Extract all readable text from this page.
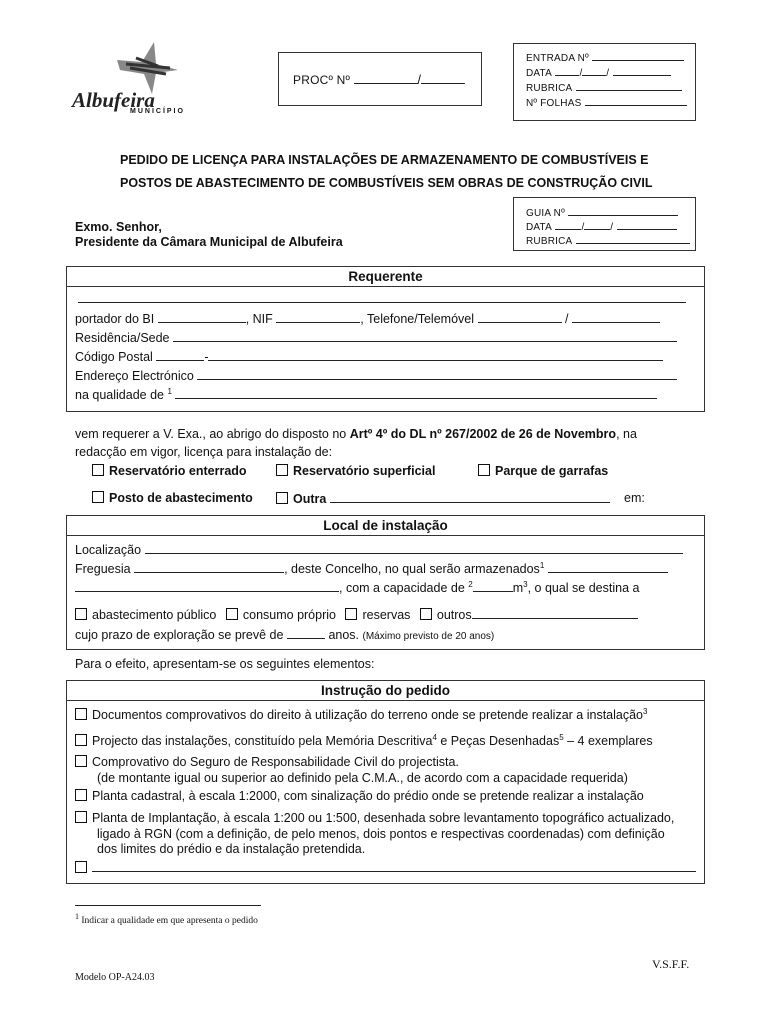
Albufeira
MUNICÍPIO
PROCº Nº	/
ENTRADA Nº
DATA	/ /
RUBRICA
Nº FOLHAS
PEDIDO DE LICENÇA PARA INSTALAÇÕES DE ARMAZENAMENTO DE COMBUSTÍVEIS E
POSTOS DE ABASTECIMENTO DE COMBUSTÍVEIS SEM OBRAS DE CONSTRUÇÃO CIVIL
GUIA Nº
DATA	/	/
RUBRICA
Exmo. Senhor,
Presidente da Câmara Municipal de Albufeira
Requerente
portador do BI	, NIF	, Telefone/Telemóvel	/
Residência/Sede
Código Postal	-
Endereço Electrónico
na qualidade de $^1$
vem requerer a V. Exa., ao abrigo do disposto no Artº 4º do DL nº 267/2002 de 26 de Novembro, na
redacção em vigor, licença para instalação de:
Reservatório enterrado	Reservatório superficial	Parque de garrafas
Posto de abastecimento	Outra	em:
Local de instalação
Localização
Freguesia	, deste Concelho, no qual serão armazenados$^1$
, com a capacidade de $^2$	$m^3$, o qual se destina a
abastecimento público consumo próprio reservas outros
cujo prazo de exploração se prevê de	anos. (Máximo previsto de 20 anos)
Para o efeito, apresentam-se os seguintes elementos:
Instrução do pedido
Documentos comprovativos do direito à utilização do terreno onde se pretende realizar a instalação$^3$
Projecto das instalações, constituído pela Memória Descritiva$^4$ e Peças Desenhadas$^5$ – 4 exemplares
Comprovativo do Seguro de Responsabilidade Civil do projectista.
(de montante igual ou superior ao definido pela C.M.A., de acordo com a capacidade requerida)
Planta cadastral, à escala 1:2000, com sinalização do prédio onde se pretende realizar a instalação
Planta de Implantação, à escala 1:200 ou 1:500, desenhada sobre levantamento topográfico actualizado,
ligado à RGN (com a definição, de pelo menos, dois pontos e respectivas coordenadas) com definição
dos limites do prédio e da instalação pretendida.
$^1$ Indicar a qualidade em que apresenta o pedido
V.S.F.F.
Modelo OP-A24.03
